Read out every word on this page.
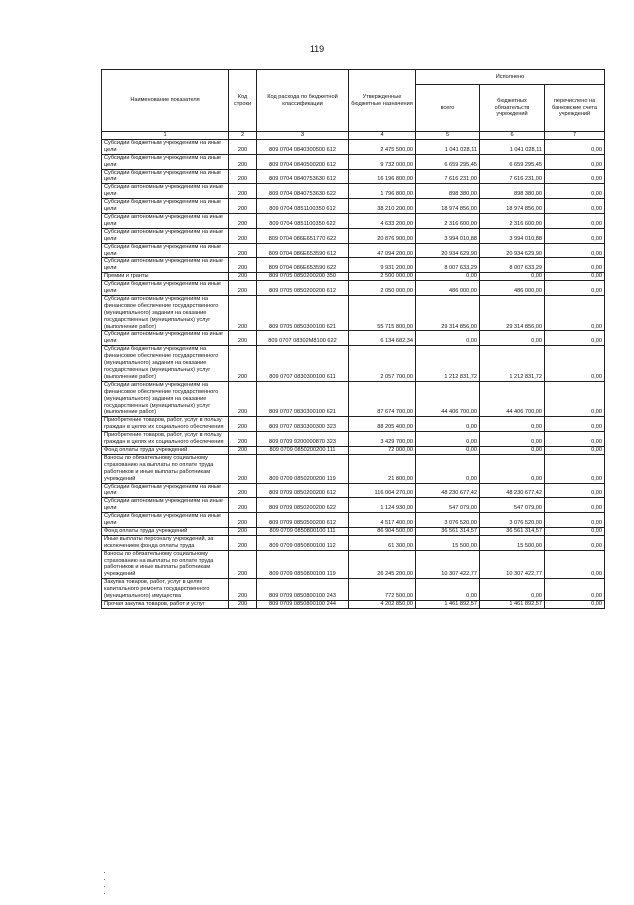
119
Наименование показателя	Код строки	Код расхода по бюджетной классификации	Утвержденные бюджетные назначения	Исполнено		
				всего	бюджетных обязательств учреждений	перечислено на банковские счета учреждений
1	2	3	4	5	6	7
Субсидии бюджетным учреждениям на иные цели	200	809 0704 0840300500 612	2 475 500,00	1 041 028,11	1 041 028,11	0,00
Субсидии бюджетным учреждениям на иные цели	200	809 0704 0840500200 612	9 732 000,00	6 659 295,45	6 659 295,45	0,00
Субсидии бюджетным учреждениям на иные цели	200	809 0704 0840753630 612	16 196 800,00	7 616 231,00	7 616 231,00	0,00
Субсидии автономным учреждениям на иные цели	200	809 0704 0840753630 622	1 796 800,00	898 380,00	898 380,00	0,00
Субсидии бюджетным учреждениям на иные цели	200	809 0704 0851100350 612	38 210 200,00	18 974 856,00	18 974 856,00	0,00
Субсидии автономным учреждениям на иные цели	200	809 0704 0851100350 622	4 633 200,00	2 316 600,00	2 316 600,00	0,00
Субсидии автономным учреждениям на иные цели	200	809 0704 086E651770 622	20 876 900,00	3 994 010,88	3 994 010,88	0,00
Субсидии бюджетным учреждениям на иные цели	200	809 0704 086E653590 612	47 094 200,00	20 934 629,90	20 934 629,90	0,00
Субсидии автономным учреждениям на иные цели	200	809 0704 086E653590 622	9 931 200,00	8 007 633,29	8 007 633,29	0,00
Премии и гранты	200	809 0705 0850200200 350	2 500 000,00	0,00	0,00	0,00
Субсидии бюджетным учреждениям на иные цели	200	809 0705 0850200200 612	2 050 000,00	486 000,00	486 000,00	0,00
Субсидии автономным учреждениям на финансовое обеспечение государственного (муниципального) задания на оказание государственных (муниципальных) услуг (выполнение работ)	200	809 0705 0850300100 621	55 715 800,00	29 314 856,00	29 314 856,00	0,00
Субсидии автономным учреждениям на иные цели	200	809 0707 08302M8100 622	6 134 682,34	0,00	0,00	0,00
Субсидии бюджетным учреждениям на финансовое обеспечение государственного (муниципального) задания на оказание государственных (муниципальных) услуг (выполнение работ)	200	809 0707 0830300100 611	2 057 700,00	1 212 831,72	1 212 831,72	0,00
Субсидии автономным учреждениям на финансовое обеспечение государственного (муниципального) задания на оказание государственных (муниципальных) услуг (выполнение работ)	200	809 0707 0830300100 621	87 674 700,00	44 406 700,00	44 406 700,00	0,00
Приобретение товаров, работ, услуг в пользу граждан в целях их социального обеспечения	200	809 0707 0830300300 323	88 205 400,00	0,00	0,00	0,00
Приобретение товаров, работ, услуг в пользу граждан в целях их социального обеспечения	200	809 0709 9200000870 323	3 429 700,00	0,00	0,00	0,00
Фонд оплаты труда учреждений	200	809 0709 0850200200 111	72 000,00	0,00	0,00	0,00
Взносы по обязательному социальному страхованию на выплаты по оплате труда работников и иные выплаты работникам учреждений	200	809 0709 0850200200 119	21 800,00	0,00	0,00	0,00
Субсидии бюджетным учреждениям на иные цели	200	809 0709 0850200200 612	116 004 270,00	48 230 677,42	48 230 677,42	0,00
Субсидии автономным учреждениям на иные цели	200	809 0709 0850200200 622	1 124 930,00	547 079,00	547 079,00	0,00
Субсидии бюджетным учреждениям на иные цели	200	809 0709 0850500200 612	4 517 400,00	3 076 520,00	3 076 520,00	0,00
Фонд оплаты труда учреждений	200	809 0709 0850800100 111	86 904 500,00	36 561 314,57	36 561 314,57	0,00
Иные выплаты персоналу учреждений, за исключением фонда оплаты труда	200	809 0709 0850800100 112	61 300,00	15 500,00	15 500,00	0,00
Взносы по обязательному социальному страхованию на выплаты по оплате труда работников и иные выплаты работникам учреждений	200	809 0709 0850800100 119	26 245 200,00	10 307 422,77	10 307 422,77	0,00
Закупка товаров, работ, услуг в целях капитального ремонта государственного (муниципального) имущества	200	809 0709 0850800100 243	772 500,00	0,00	0,00	0,00
Прочая закупка товаров, работ и услуг	200	809 0709 0850800100 244	4 202 850,00	1 461 892,57	1 461 892,57	0,00
